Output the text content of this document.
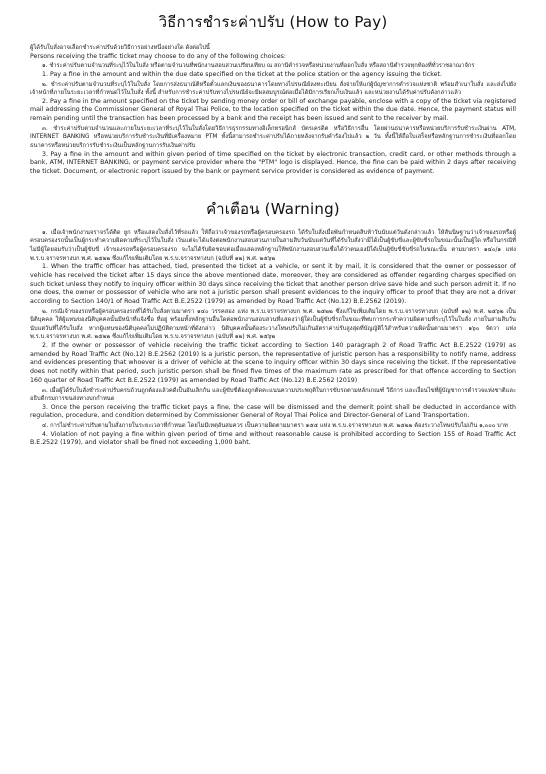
วิธีการชำระค่าปรับ (How to Pay)

ผู้ได้รับใบสั่งอาจเลือกชำระค่าปรับด้วยวิธีการอย่างหนึ่งอย่างใด ดังต่อไปนี้

Persons receiving the traffic ticket may choose to do any of the following choices:

๑. ชำระค่าปรับตามจำนวนที่ระบุไว้ในใบสั่ง หรือตามจำนวนที่พนักงานสอบสวนเปรียบเทียบ ณ สถานีตำรวจหรือหน่วยงานที่ออกใบสั่ง หรือสถานีตำรวจทุกท้องที่ทั่วราชอาณาจักร

1. Pay a fine in the amount and within the due date specified on the ticket at the police station or the agency issuing the ticket.

๒. ชำระค่าปรับตามจำนวนที่ระบุไว้ในใบสั่ง โดยการส่งธนาณัติหรือตั๋วแลกเงินของธนาคารโดยทางไปรษณีย์ลงทะเบียน สั่งจ่ายให้แก่ผู้บัญชาการตำรวจแห่งชาติ พร้อมสำเนาใบสั่ง และส่งไปยังเจ้าหน้าที่ภายในระยะเวลาที่กำหนดไว้ในใบสั่ง ทั้งนี้ สำหรับการชำระค่าปรับทางไปรษณีย์จะมีผลสมบูรณ์ต่อเมื่อได้มีการเรียกเก็บเงินแล้ว และหน่วยงานได้รับค่าปรับดังกล่าวแล้ว

2. Pay a fine in the amount specified on the ticket by sending money order or bill of exchange payable, enclose with a copy of the ticket via registered mail addressing the Commissioner General of Royal Thai Police, to the location specified on the ticket within the due date. Hence, the payment status will remain pending until the transaction has been processed by a bank and the receipt has been issued and sent to the receiver by mail.

๓. ชำระค่าปรับตามจำนวนและภายในระยะเวลาที่ระบุไว้ในใบสั่งโดยวิธีการธุรกรรมทางอิเล็กทรอนิกส์ บัตรเครดิต หรือวิธีการอื่น โดยผ่านธนาคารหรือหน่วยบริการรับชำระเงินผ่าน ATM, INTERNET BANKING หรือหน่วยบริการรับชำระเงินที่มีเครื่องหมาย PTM ทั้งนี้สามารถชำระค่าปรับได้ภายหลังจากรับคำร้องไปแล้ว ๒ วัน ทั้งนี้ให้ถือใบเสร็จหรือหลักฐานการชำระเงินที่ออกโดยธนาคารหรือหน่วยบริการรับชำระเงินเป็นหลักฐานการรับเงินค่าปรับ

3. Pay a fine in the amount and within given period of time specified on the ticket by electronic transaction, credit card, or other methods through a bank, ATM, INTERNET BANKING, or payment service provider where the "PTM" logo is displayed. Hence, the fine can be paid within 2 days after receiving the ticket. Document, or electronic report issued by the bank or payment service provider is considered as evidence of payment.

คำเตือน (Warning)

๑. เมื่อเจ้าพนักงานจราจรได้ติด ยูก หรือแสดงใบสั่งไว้ที่รถแล้ว ให้ถือว่าเจ้าของรถหรือผู้ครอบครองรถ ได้รับใบสั่งเมื่อพ้นกำหนดสิบห้าวันนับแต่วันดังกล่าวแล้ว ให้สันนิษฐานว่าเจ้าของรถหรือผู้ครอบครองรถนั้นเป็นผู้กระทำความผิดตามที่ระบุไว้ในใบสั่ง เว้นแต่จะได้แจ้งต่อพนักงานสอบสวนภายในสามสิบวันนับแต่วันที่ได้รับใบสั่งว่ามิได้เป็นผู้ขับขี่และผู้ขับขี่รถในขณะนั้นเป็นผู้ใด หรือในกรณีที่ไม่มีผู้ใดยอมรับว่าเป็นผู้ขับขี่ เจ้าของรถหรือผู้ครอบครองรถ จะไม่ได้รับผิดชอบต่อเมื่อแสดงหลักฐานให้พนักงานสอบสวนเชื่อได้ว่าตนเองมิได้เป็นผู้ขับขี่ขับขี่รถในขณะนั้น ตามมาตรา ๑๔๐/๑ แห่ง พ.ร.บ.จราจรทางบก พ.ศ. ๒๕๒๒ ซึ่งแก้ไขเพิ่มเติมโดย พ.ร.บ.จราจรทางบก (ฉบับที่ ๑๒) พ.ศ. ๒๕๖๒

1. When the traffic officer has attached, tied, presented the ticket at a vehicle, or sent it by mail, it is considered that the owner or possessor of vehicle has received the ticket after 15 days since the above mentioned date, moreover, they are considered as offender regarding charges specified on such ticket unless they notify to inquiry officer within 30 days since receiving the ticket that another person drive save hide and such person admit it. If no one does, the owner or possessor of vehicle who are not a juristic person shall present evidences to the inquiry officer to proof that they are not a driver according to Section 140/1 of Road Traffic Act B.E.2522 (1979) as amended by Road Traffic Act (No.12) B.E.2562 (2019).

๒. กรณีเจ้าของรถหรือผู้ครอบครองรถที่ได้รับใบสั่งตามมาตรา ๑๔๐ วรรคสอง แห่ง พ.ร.บ.จราจรทางบก พ.ศ. ๒๕๒๒ ซึ่งแก้ไขเพิ่มเติมโดย พ.ร.บ.จราจรทางบก (ฉบับที่ ๑๒) พ.ศ. ๒๕๖๒ เป็นนิติบุคคล ให้ผู้แทนของนิติบุคคลนั้นมีหน้าที่แจ้งชื่อ ที่อยู่ พร้อมทั้งหลักฐานอื่นใดต่อพนักงานสอบสวนที่แสดงว่าผู้ใดเป็นผู้ขับขี่รถในขณะที่พบการกระทำความผิดตามที่ระบุไว้ในใบสั่ง ภายในสามสิบวันนับแต่วันที่ได้รับใบสั่ง หากผู้แทนของนิติบุคคลไม่ปฏิบัติตามหน้าที่ดังกล่าว นิติบุคคลนั้นต้องระวางโทษปรับไม่เกินอัตราค่าปรับสูงสุดที่บัญญัติไว้สำหรับความผิดนั้นตามมาตรา ๑๖๐ จัตวา แห่ง พ.ร.บ.จราจรทางบก พ.ศ. ๒๕๒๒ ซึ่งแก้ไขเพิ่มเติมโดย พ.ร.บ.จราจรทางบก (ฉบับที่ ๑๒) พ.ศ. ๒๕๖๒

2. If the owner or possessor of vehicle receiving the traffic ticket according to Section 140 paragraph 2 of Road Traffic Act B.E.2522 (1979) as amended by Road Traffic Act (No.12) B.E.2562 (2019) is a juristic person, the representative of juristic person has a responsibility to notify name, address and evidences presenting that whoever is a driver of vehicle at the scene to inquiry officer within 30 days since receiving the ticket. If the representative does not notify within that period, such juristic person shall be fined five times of the maximum rate as prescribed for that offence according to Section 160 quarter of Road Traffic Act B.E.2522 (1979) as amended by Road Traffic Act (No.12) B.E.2562 (2019)

๓. เมื่อผู้ได้รับใบสั่งชำระค่าปรับครบถ้วนถูกต้องแล้วคดีเป็นอันเลิกกัน และผู้ขับขี่ต้องถูกตัดคะแนนความประพฤติในการขับรถตามหลักเกณฑ์ วิธีการ และเงื่อนไขที่ผู้บัญชาการตำรวจแห่งชาติและอธิบดีกรมการขนส่งทางบกกำหนด

3. Once the person receiving the traffic ticket pays a fine, the case will be dismissed and the demerit point shall be deducted in accordance with regulation, procedure, and condition determined by Commissioner General of Royal Thai Police and Director-General of Land Transportation.

๔. การไม่ชำระค่าปรับตามใบสั่งภายในระยะเวลาที่กำหนด โดยไม่มีเหตุอันสมควร เป็นความผิดตามมาตรา ๑๕๕ แห่ง พ.ร.บ.จราจรทางบก พ.ศ. ๒๕๒๒ ต้องระวางโทษปรับไม่เกิน ๑,๐๐๐ บาท

4. Violation of not paying a fine within given period of time and without reasonable cause is prohibited according to Section 155 of Road Traffic Act B.E.2522 (1979), and violator shall be fined not exceeding 1,000 baht.
